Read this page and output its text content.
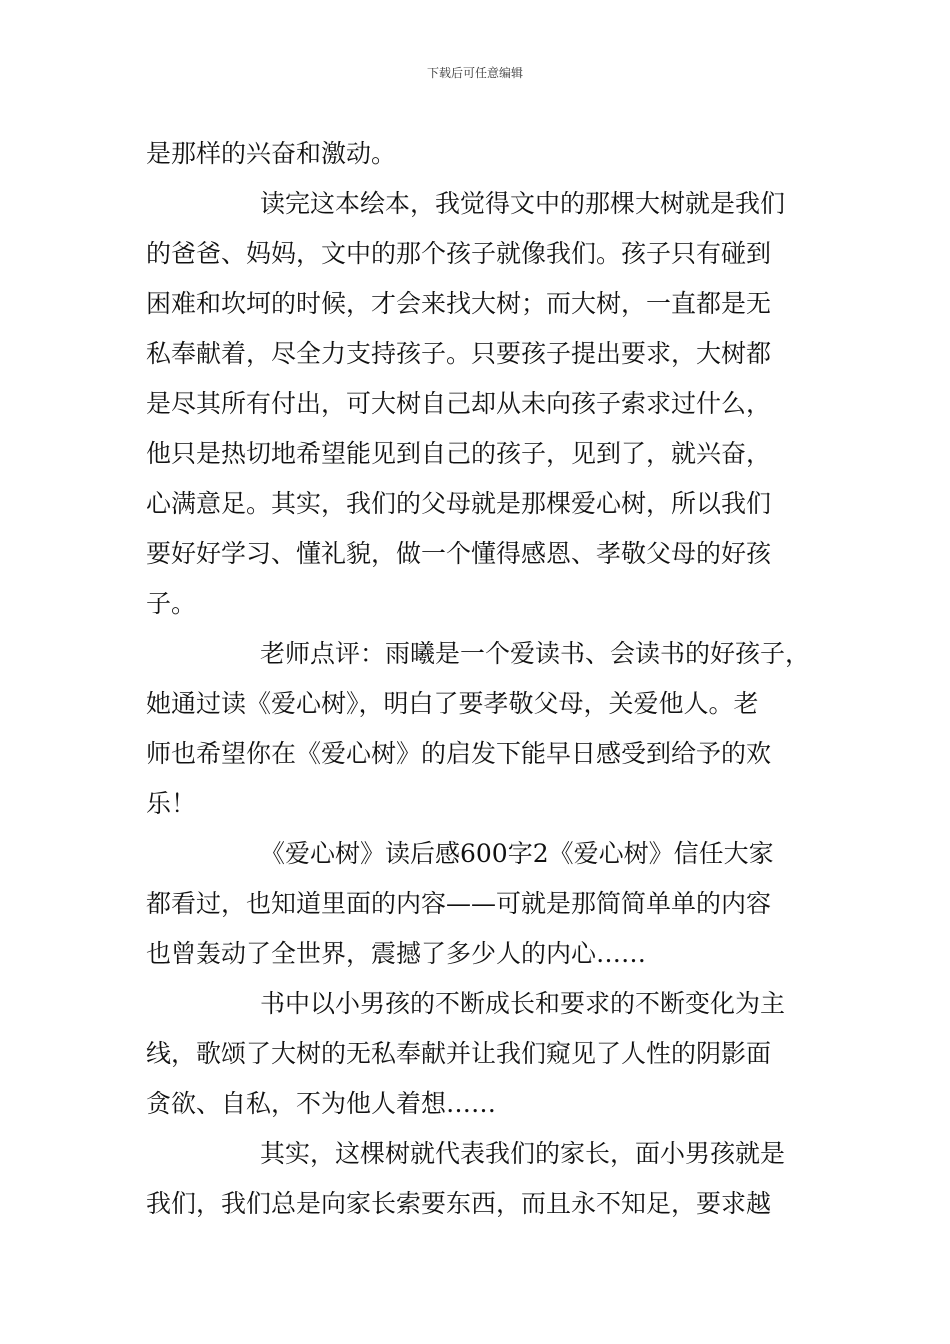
下载后可任意编辑
是那样的兴奋和激动。
读完这本绘本，我觉得文中的那棵大树就是我们
的爸爸、妈妈，文中的那个孩子就像我们。孩子只有碰到
困难和坎坷的时候，才会来找大树；而大树，一直都是无
私奉献着，尽全力支持孩子。只要孩子提出要求，大树都
是尽其所有付出，可大树自己却从未向孩子索求过什么，
他只是热切地希望能见到自己的孩子，见到了，就兴奋，
心满意足。其实，我们的父母就是那棵爱心树，所以我们
要好好学习、懂礼貌，做一个懂得感恩、孝敬父母的好孩
子。
老师点评：雨曦是一个爱读书、会读书的好孩子，
她通过读《爱心树》，明白了要孝敬父母，关爱他人。老
师也希望你在《爱心树》的启发下能早日感受到给予的欢
乐！
《爱心树》读后感600字2《爱心树》信任大家
都看过，也知道里面的内容——可就是那简简单单的内容
也曾轰动了全世界，震撼了多少人的内心……
书中以小男孩的不断成长和要求的不断变化为主
线，歌颂了大树的无私奉献并让我们窥见了人性的阴影面
贪欲、自私，不为他人着想……
其实，这棵树就代表我们的家长，面小男孩就是
我们，我们总是向家长索要东西，而且永不知足，要求越
